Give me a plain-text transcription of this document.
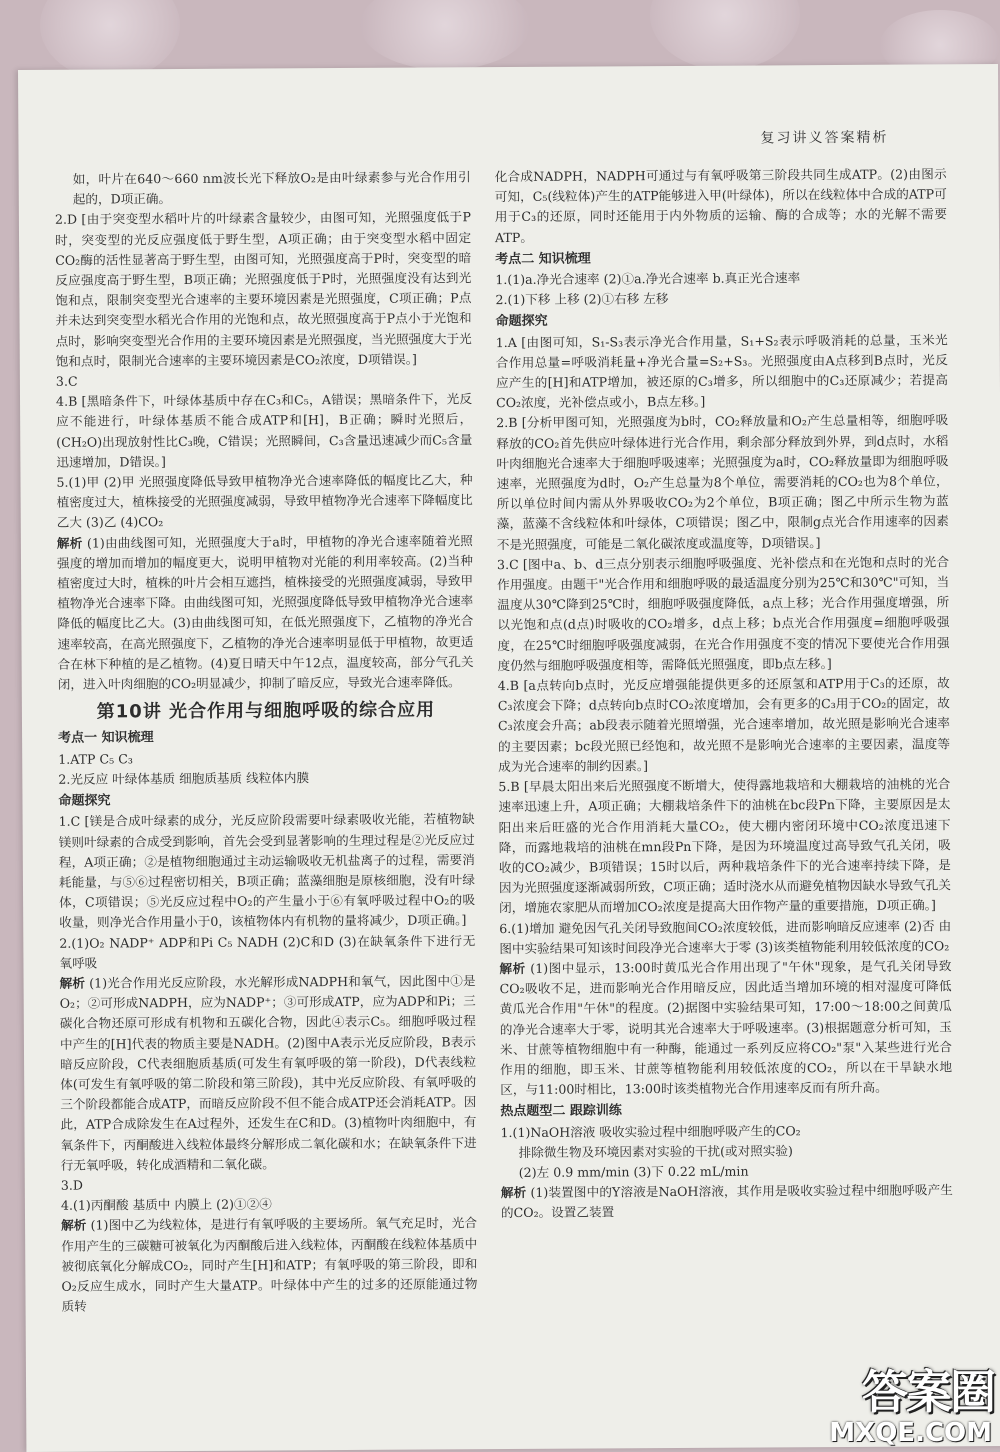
复习讲义答案精析

如，叶片在640～660 nm波长光下释放O₂是由叶绿素参与光合作用引起的，D项正确。

2.D [由于突变型水稻叶片的叶绿素含量较少，由图可知，光照强度低于P时，突变型的光反应强度低于野生型，A项正确；由于突变型水稻中固定CO₂酶的活性显著高于野生型，由图可知，光照强度高于P时，突变型的暗反应强度高于野生型，B项正确；光照强度低于P时，光照强度没有达到光饱和点，限制突变型光合速率的主要环境因素是光照强度，C项正确；P点并未达到突变型水稻光合作用的光饱和点，故光照强度高于P点小于光饱和点时，影响突变型光合作用的主要环境因素是光照强度，当光照强度大于光饱和点时，限制光合速率的主要环境因素是CO₂浓度，D项错误。]

3.C

4.B [黑暗条件下，叶绿体基质中存在C₃和C₅，A错误；黑暗条件下，光反应不能进行，叶绿体基质不能合成ATP和[H]，B正确；瞬时光照后，(CH₂O)出现放射性比C₃晚，C错误；光照瞬间，C₃含量迅速减少而C₅含量迅速增加，D错误。]

5.(1)甲 (2)甲 光照强度降低导致甲植物净光合速率降低的幅度比乙大，种植密度过大，植株接受的光照强度减弱，导致甲植物净光合速率下降幅度比乙大 (3)乙 (4)CO₂

解析 (1)由曲线图可知，光照强度大于a时，甲植物的净光合速率随着光照强度的增加而增加的幅度更大，说明甲植物对光能的利用率较高。(2)当种植密度过大时，植株的叶片会相互遮挡，植株接受的光照强度减弱，导致甲植物净光合速率下降。由曲线图可知，光照强度降低导致甲植物净光合速率降低的幅度比乙大。(3)由曲线图可知，在低光照强度下，乙植物的净光合速率较高，在高光照强度下，乙植物的净光合速率明显低于甲植物，故更适合在林下种植的是乙植物。(4)夏日晴天中午12点，温度较高，部分气孔关闭，进入叶肉细胞的CO₂明显减少，抑制了暗反应，导致光合速率降低。

第10讲 光合作用与细胞呼吸的综合应用
考点一 知识梳理

1.ATP C₅ C₃

2.光反应 叶绿体基质 细胞质基质 线粒体内膜

命题探究

1.C [镁是合成叶绿素的成分，光反应阶段需要叶绿素吸收光能，若植物缺镁则叶绿素的合成受到影响，首先会受到显著影响的生理过程是②光反应过程，A项正确；②是植物细胞通过主动运输吸收无机盐离子的过程，需要消耗能量，与⑤⑥过程密切相关，B项正确；蓝藻细胞是原核细胞，没有叶绿体，C项错误；⑤光反应过程中O₂的产生量小于⑥有氧呼吸过程中O₂的吸收量，则净光合作用量小于0，该植物体内有机物的量将减少，D项正确。]

2.(1)O₂ NADP⁺ ADP和Pi C₅ NADH (2)C和D (3)在缺氧条件下进行无氧呼吸

解析 (1)光合作用光反应阶段，水光解形成NADPH和氧气，因此图中①是O₂；②可形成NADPH，应为NADP⁺；③可形成ATP，应为ADP和Pi；三碳化合物还原可形成有机物和五碳化合物，因此④表示C₅。细胞呼吸过程中产生的[H]代表的物质主要是NADH。(2)图中A表示光反应阶段，B表示暗反应阶段，C代表细胞质基质(可发生有氧呼吸的第一阶段)，D代表线粒体(可发生有氧呼吸的第二阶段和第三阶段)，其中光反应阶段、有氧呼吸的三个阶段都能合成ATP，而暗反应阶段不但不能合成ATP还会消耗ATP。因此，ATP合成除发生在A过程外，还发生在C和D。(3)植物叶肉细胞中，有氧条件下，丙酮酸进入线粒体最终分解形成二氧化碳和水；在缺氧条件下进行无氧呼吸，转化成酒精和二氧化碳。

3.D

4.(1)丙酮酸 基质中 内膜上 (2)①②④

解析 (1)图中乙为线粒体，是进行有氧呼吸的主要场所。氧气充足时，光合作用产生的三碳糖可被氧化为丙酮酸后进入线粒体，丙酮酸在线粒体基质中被彻底氧化分解成CO₂，同时产生[H]和ATP；有氧呼吸的第三阶段，即和O₂反应生成水，同时产生大量ATP。叶绿体中产生的过多的还原能通过物质转

化合成NADPH，NADPH可通过与有氧呼吸第三阶段共同生成ATP。(2)由图示可知，C₅(线粒体)产生的ATP能够进入甲(叶绿体)，所以在线粒体中合成的ATP可用于C₃的还原，同时还能用于内外物质的运输、酶的合成等；水的光解不需要ATP。

考点二 知识梳理

1.(1)a.净光合速率 (2)①a.净光合速率 b.真正光合速率

2.(1)下移 上移 (2)①右移 左移

命题探究

1.A [由图可知，S₁-S₃表示净光合作用量，S₁+S₂表示呼吸消耗的总量，玉米光合作用总量=呼吸消耗量+净光合量=S₂+S₃。光照强度由A点移到B点时，光反应产生的[H]和ATP增加，被还原的C₃增多，所以细胞中的C₃还原减少；若提高CO₂浓度，光补偿点或小，B点左移。]

2.B [分析甲图可知，光照强度为b时，CO₂释放量和O₂产生总量相等，细胞呼吸释放的CO₂首先供应叶绿体进行光合作用，剩余部分释放到外界，到d点时，水稻叶肉细胞光合速率大于细胞呼吸速率；光照强度为a时，CO₂释放量即为细胞呼吸速率，光照强度为d时，O₂产生总量为8个单位，需要消耗的CO₂也为8个单位，所以单位时间内需从外界吸收CO₂为2个单位，B项正确；图乙中所示生物为蓝藻，蓝藻不含线粒体和叶绿体，C项错误；图乙中，限制g点光合作用速率的因素不是光照强度，可能是二氧化碳浓度或温度等，D项错误。]

3.C [图中a、b、d三点分别表示细胞呼吸强度、光补偿点和在光饱和点时的光合作用强度。由题干"光合作用和细胞呼吸的最适温度分别为25℃和30℃"可知，当温度从30℃降到25℃时，细胞呼吸强度降低，a点上移；光合作用强度增强，所以光饱和点(d点)时吸收的CO₂增多，d点上移；b点光合作用强度=细胞呼吸强度，在25℃时细胞呼吸强度减弱，在光合作用强度不变的情况下要使光合作用强度仍然与细胞呼吸强度相等，需降低光照强度，即b点左移。]

4.B [a点转向b点时，光反应增强能提供更多的还原氢和ATP用于C₃的还原，故C₃浓度会下降；d点转向b点时CO₂浓度增加，会有更多的C₃用于CO₂的固定，故C₃浓度会升高；ab段表示随着光照增强，光合速率增加，故光照是影响光合速率的主要因素；bc段光照已经饱和，故光照不是影响光合速率的主要因素，温度等成为光合速率的制约因素。]

5.B [早晨太阳出来后光照强度不断增大，使得露地栽培和大棚栽培的油桃的光合速率迅速上升，A项正确；大棚栽培条件下的油桃在bc段Pn下降，主要原因是太阳出来后旺盛的光合作用消耗大量CO₂，使大棚内密闭环境中CO₂浓度迅速下降，而露地栽培的油桃在mn段Pn下降，是因为环境温度过高导致气孔关闭，吸收的CO₂减少，B项错误；15时以后，两种栽培条件下的光合速率持续下降，是因为光照强度逐渐减弱所致，C项正确；适时浇水从而避免植物因缺水导致气孔关闭，增施农家肥从而增加CO₂浓度是提高大田作物产量的重要措施，D项正确。]

6.(1)增加 避免因气孔关闭导致胞间CO₂浓度较低，进而影响暗反应速率 (2)否 由图中实验结果可知该时间段净光合速率大于零 (3)该类植物能利用较低浓度的CO₂

解析 (1)图中显示，13:00时黄瓜光合作用出现了"午休"现象，是气孔关闭导致CO₂吸收不足，进而影响光合作用暗反应，因此适当增加环境的相对湿度可降低黄瓜光合作用"午休"的程度。(2)据图中实验结果可知，17:00～18:00之间黄瓜的净光合速率大于零，说明其光合速率大于呼吸速率。(3)根据题意分析可知，玉米、甘蔗等植物细胞中有一种酶，能通过一系列反应将CO₂"泵"入某些进行光合作用的细胞，即玉米、甘蔗等植物能利用较低浓度的CO₂，所以在干旱缺水地区，与11:00时相比，13:00时该类植物光合作用速率反而有所升高。

热点题型二 跟踪训练

1.(1)NaOH溶液 吸收实验过程中细胞呼吸产生的CO₂

排除微生物及环境因素对实验的干扰(或对照实验)

(2)左 0.9 mm/min (3)下 0.22 mL/min

解析 (1)装置图中的Y溶液是NaOH溶液，其作用是吸收实验过程中细胞呼吸产生的CO₂。设置乙装置

答案圈
MXQE.COM
